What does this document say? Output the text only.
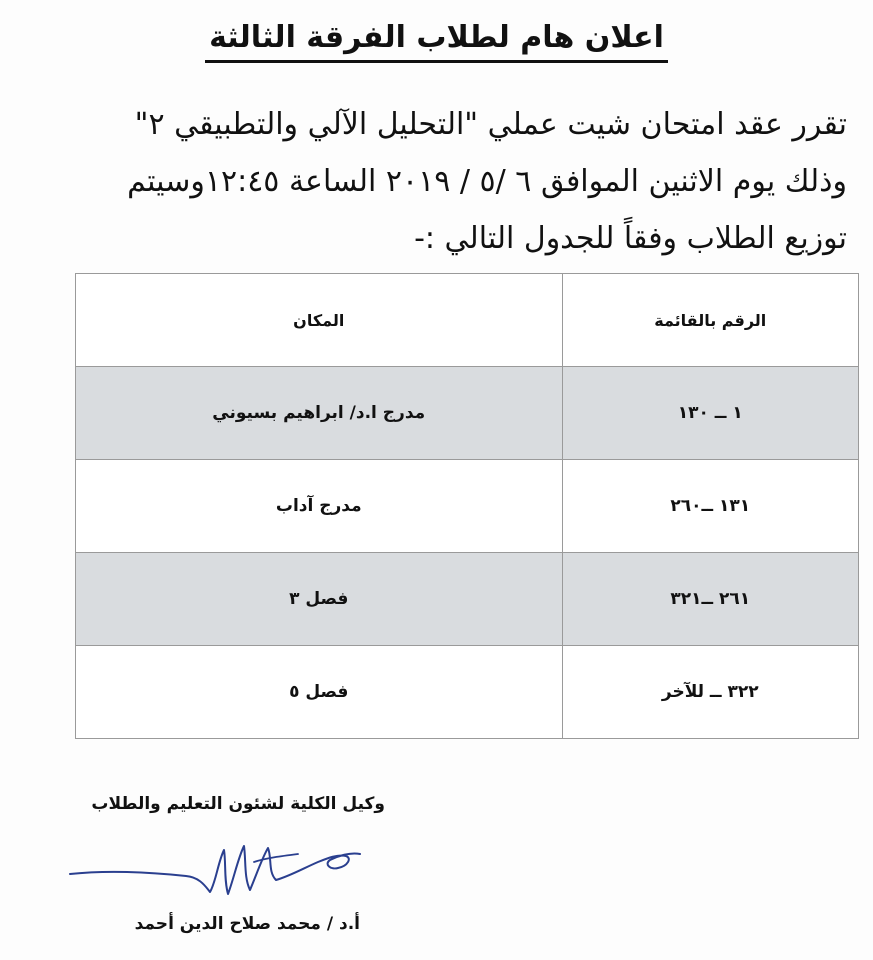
اعلان هام لطلاب الفرقة الثالثة
تقرر عقد امتحان شيت عملي "التحليل الآلي والتطبيقي ٢"
وذلك يوم الاثنين الموافق ٦ /٥ / ٢٠١٩ الساعة ١٢:٤٥وسيتم
توزيع الطلاب وفقاً للجدول التالي :-
الرقم بالقائمة	المكان
١ ــ ١٣٠	مدرج ا.د/ ابراهيم بسيوني
١٣١ ــ٢٦٠	مدرج آداب
٢٦١ ــ٣٢١	فصل ٣
٣٢٢ ــ للآخر	فصل ٥
وكيل الكلية لشئون التعليم والطلاب
أ.د / محمد صلاح الدين أحمد
